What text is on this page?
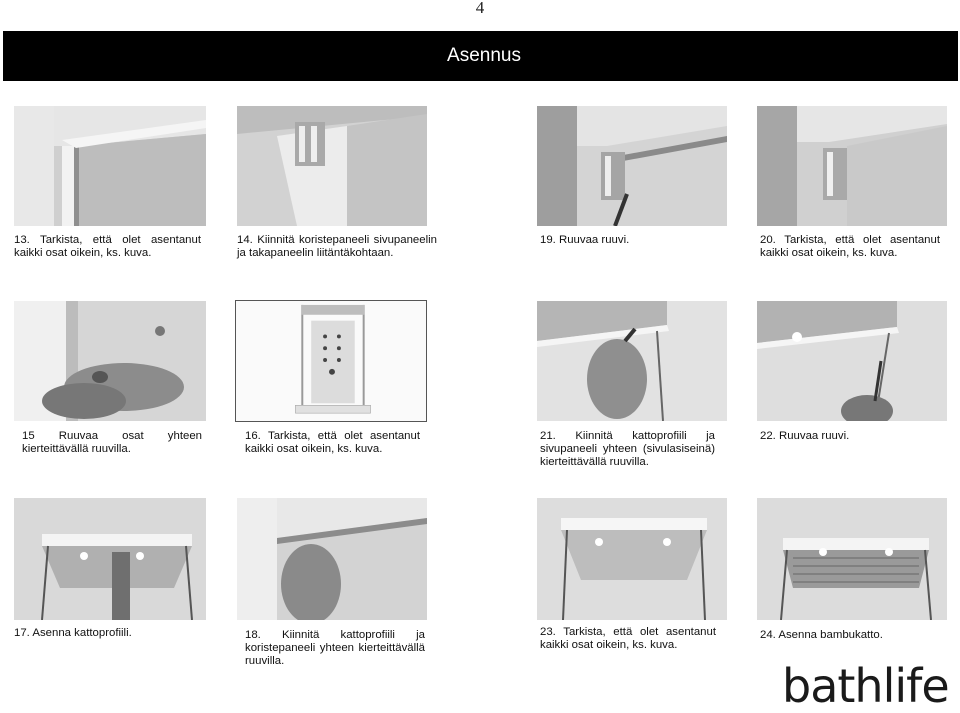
4
Asennus
13. Tarkista, että olet asentanut kaikki osat oikein, ks. kuva.
14. Kiinnitä koristepaneeli sivupaneelin ja takapaneelin liitäntäkohtaan.
19. Ruuvaa ruuvi.	20. Tarkista, että olet asentanut kaikki osat oikein, ks. kuva.
15 Ruuvaa osat yhteen kierteittävällä ruuvilla.
16. Tarkista, että olet asentanut kaikki osat oikein, ks. kuva.
21. Kiinnitä kattoprofiili ja sivupaneeli yhteen (sivulasiseinä) kierteittävällä ruuvilla.
22. Ruuvaa ruuvi.
17. Asenna kattoprofiili.	18. Kiinnitä kattoprofiili ja koristepaneeli yhteen kierteittävällä ruuvilla.
23. Tarkista, että olet asentanut kaikki osat oikein, ks. kuva.
24. Asenna bambukatto.
bathlife
